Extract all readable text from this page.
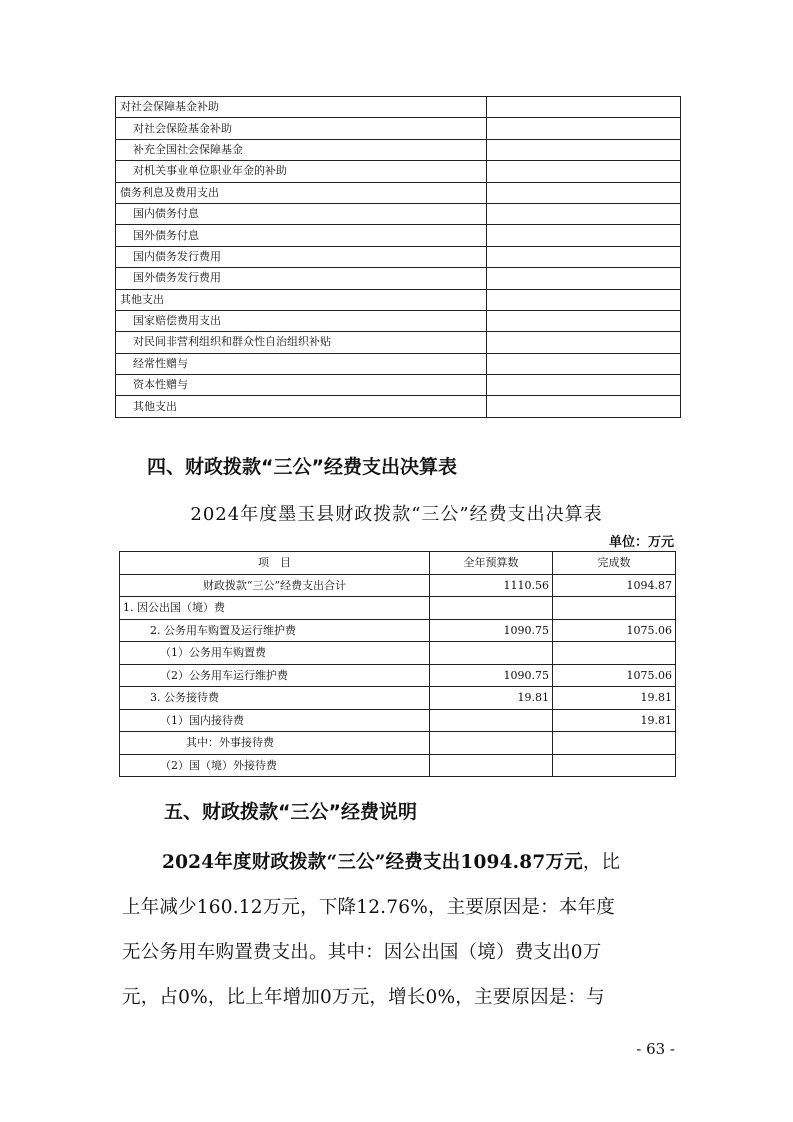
对社会保障基金补助	
对社会保险基金补助	
补充全国社会保障基金	
对机关事业单位职业年金的补助	
债务利息及费用支出	
国内债务付息	
国外债务付息	
国内债务发行费用	
国外债务发行费用	
其他支出	
国家赔偿费用支出	
对民间非营利组织和群众性自治组织补贴	
经常性赠与	
资本性赠与	
其他支出	
四、财政拨款“三公”经费支出决算表
2024年度墨玉县财政拨款“三公”经费支出决算表
单位：万元
项　目	全年预算数	完成数
财政拨款“三公”经费支出合计	1110.56	1094.87
1. 因公出国（境）费		
2. 公务用车购置及运行维护费	1090.75	1075.06
（1）公务用车购置费		
（2）公务用车运行维护费	1090.75	1075.06
3. 公务接待费	19.81	19.81
（1）国内接待费		19.81
其中：外事接待费		
（2）国（境）外接待费		
五、财政拨款“三公”经费说明

2024年度财政拨款“三公”经费支出1094.87万元，比
上年减少160.12万元，下降12.76%，主要原因是：本年度
无公务用车购置费支出。其中：因公出国（境）费支出0万
元，占0%，比上年增加0万元，增长0%，主要原因是：与

- 63 -
